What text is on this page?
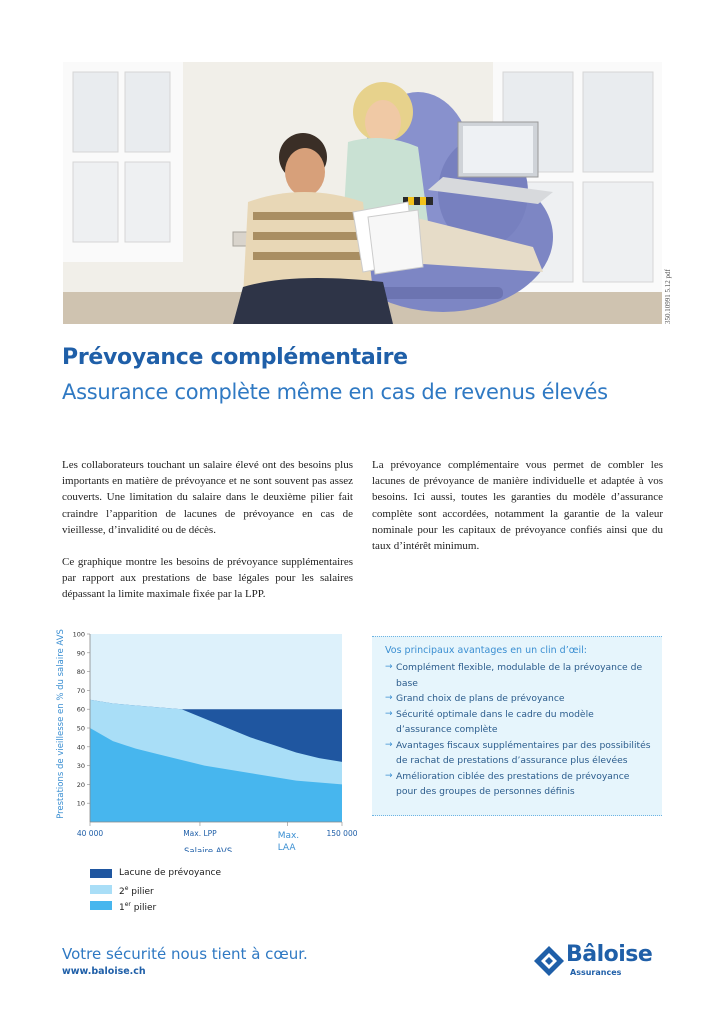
350.10991 5.12 pdf
Prévoyance complémentaire
Assurance complète même en cas de revenus élevés

Les collaborateurs touchant un salaire élevé ont des besoins plus importants en matière de prévoyance et ne sont souvent pas assez couverts. Une limitation du salaire dans le deuxième pilier fait craindre l’apparition de lacunes de prévoyance en cas de vieillesse, d’invalidité ou de décès.

Ce graphique montre les besoins de prévoyance supplémentaires par rapport aux prestations de base légales pour les salaires dépassant la limite maximale fixée par la LPP.

La prévoyance complémentaire vous permet de combler les lacunes de prévoyance de manière individuelle et adaptée à vos besoins. Ici aussi, toutes les garanties du modèle d’assurance complète sont accordées, notamment la garantie de la valeur nominale pour les capitaux de prévoyance confiés ainsi que du taux d’intérêt minimum.

10
20
30
40
50
60
70
80
90
100
Prestations de vieillesse en % du salaire AVS
Salaire AVS
40 000	Max. LPP	Max.
LAA
150 000
Lacune de prévoyance
2e pilier
1er pilier
Vos principaux avantages en un clin d’œil:
→ Complément flexible, modulable de la prévoyance de base
→ Grand choix de plans de prévoyance
→ Sécurité optimale dans le cadre du modèle d’assurance complète
→ Avantages fiscaux supplémentaires par des possibilités de rachat de prestations d’assurance plus élevées
→ Amélioration ciblée des prestations de prévoyance pour des groupes de personnes définis
Votre sécurité nous tient à cœur.
www.baloise.ch
Bâloise
Assurances
